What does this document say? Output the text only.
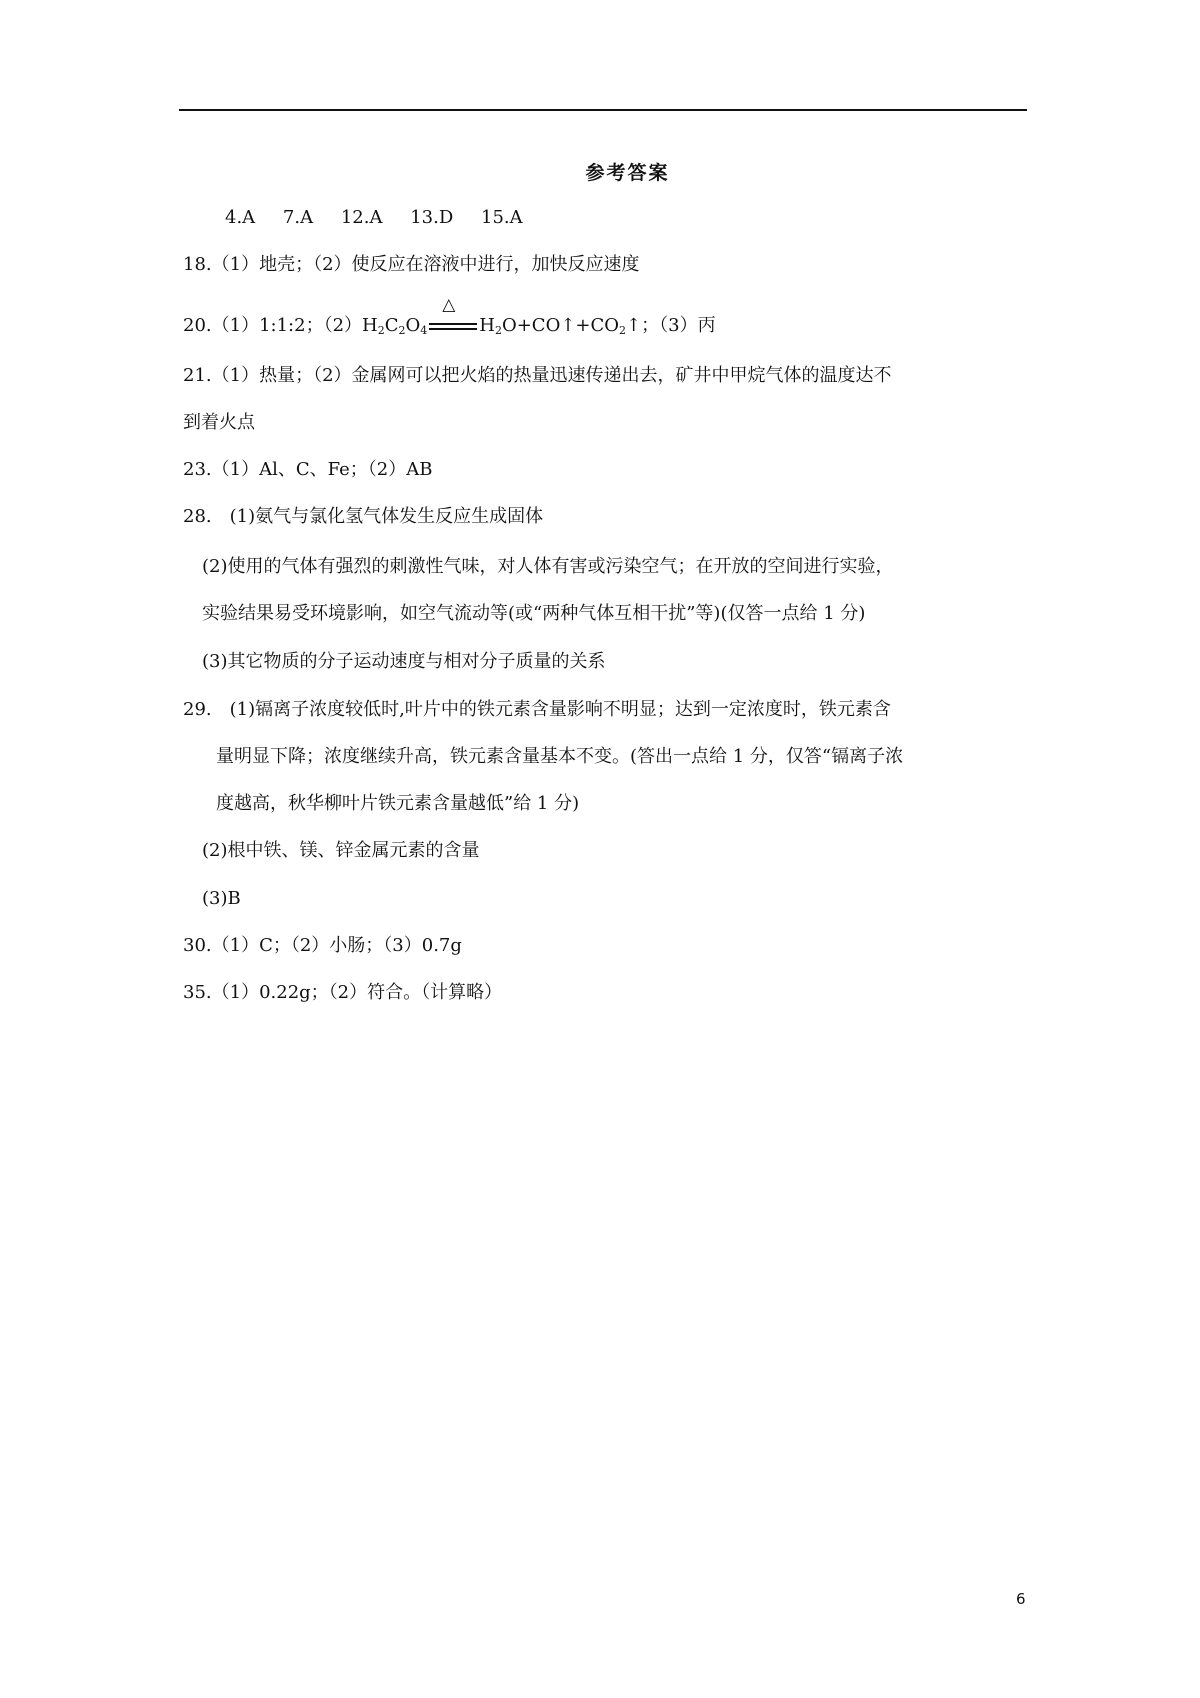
参考答案
4.A 7.A 12.A 13.D 15.A
18.（1）地壳；（2）使反应在溶液中进行，加快反应速度
20.（1）1:1:2；$(2)H_2C_2O_4$
△
$H_2O+CO↑+CO_2↑$；（3）丙
21.（1）热量；（2）金属网可以把火焰的热量迅速传递出去，矿井中甲烷气体的温度达不
到着火点
23.（1）Al、C、Fe；（2）AB
28.　(1)氨气与氯化氢气体发生反应生成固体
(2)使用的气体有强烈的刺激性气味，对人体有害或污染空气；在开放的空间进行实验，
实验结果易受环境影响，如空气流动等(或“两种气体互相干扰”等)(仅答一点给 1 分)
(3)其它物质的分子运动速度与相对分子质量的关系
29.　(1)镉离子浓度较低时,叶片中的铁元素含量影响不明显；达到一定浓度时，铁元素含
量明显下降；浓度继续升高，铁元素含量基本不变。(答出一点给 1 分，仅答“镉离子浓
度越高，秋华柳叶片铁元素含量越低”给 1 分)
(2)根中铁、镁、锌金属元素的含量
(3)B
30.（1）C；（2）小肠；（3）0.7g
35.（1）0.22g；（2）符合。（计算略）
6
